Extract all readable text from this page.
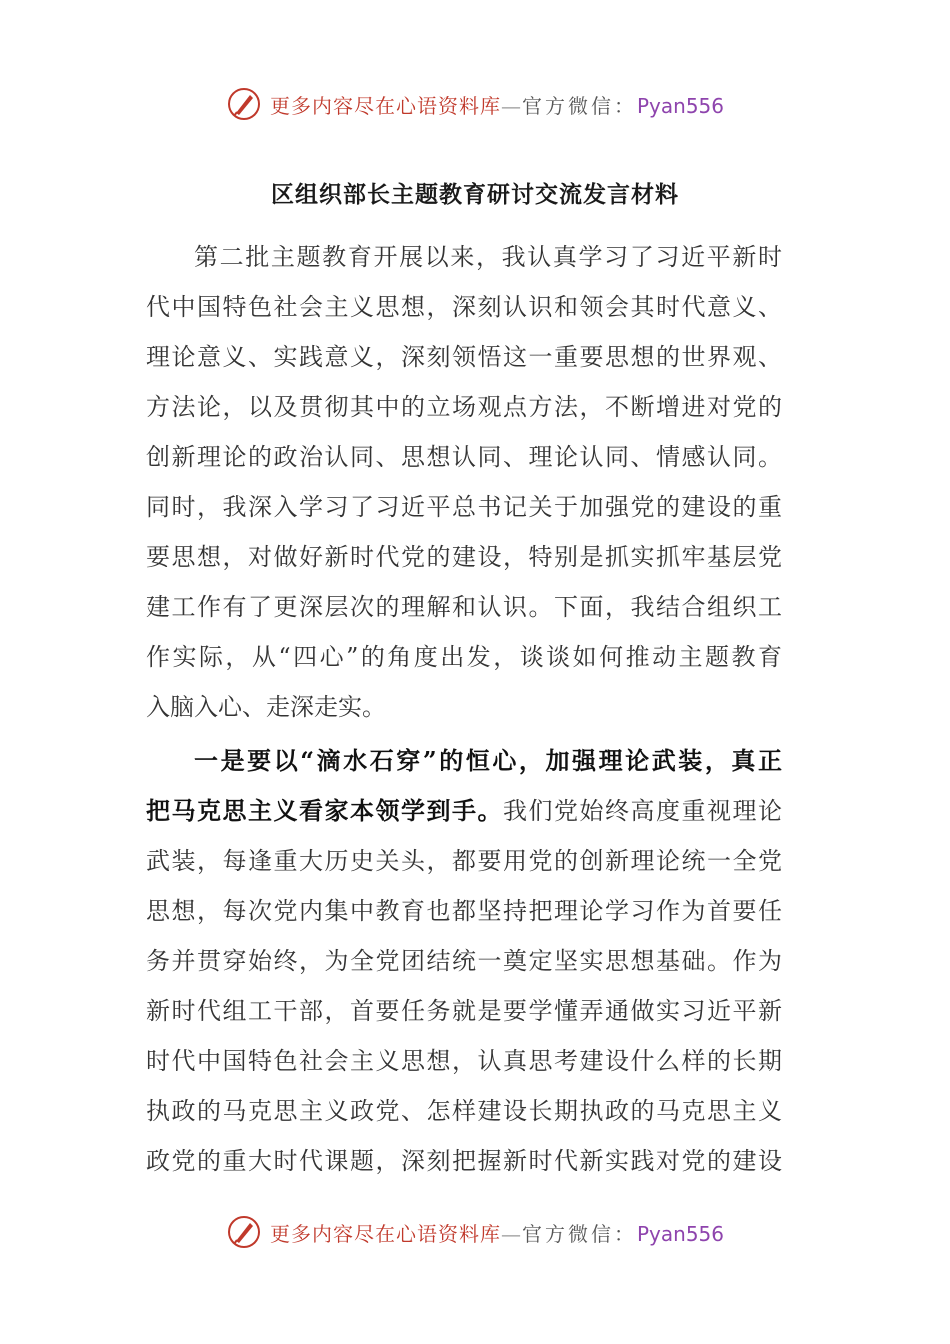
更多内容尽在心语资料库 — 官方微信： Pyan556
区组织部长主题教育研讨交流发言材料
第二批主题教育开展以来，我认真学习了习近平新时
代中国特色社会主义思想，深刻认识和领会其时代意义、
理论意义、实践意义，深刻领悟这一重要思想的世界观、
方法论，以及贯彻其中的立场观点方法，不断增进对党的
创新理论的政治认同、思想认同、理论认同、情感认同。
同时，我深入学习了习近平总书记关于加强党的建设的重
要思想，对做好新时代党的建设，特别是抓实抓牢基层党
建工作有了更深层次的理解和认识。下面，我结合组织工
作实际，从“四心”的角度出发，谈谈如何推动主题教育
入脑入心、走深走实。
一是要以“滴水石穿”的恒心，加强理论武装，真正
把马克思主义看家本领学到手。我们党始终高度重视理论
武装，每逢重大历史关头，都要用党的创新理论统一全党
思想，每次党内集中教育也都坚持把理论学习作为首要任
务并贯穿始终，为全党团结统一奠定坚实思想基础。作为
新时代组工干部，首要任务就是要学懂弄通做实习近平新
时代中国特色社会主义思想，认真思考建设什么样的长期
执政的马克思主义政党、怎样建设长期执政的马克思主义
政党的重大时代课题，深刻把握新时代新实践对党的建设
更多内容尽在心语资料库 — 官方微信： Pyan556
